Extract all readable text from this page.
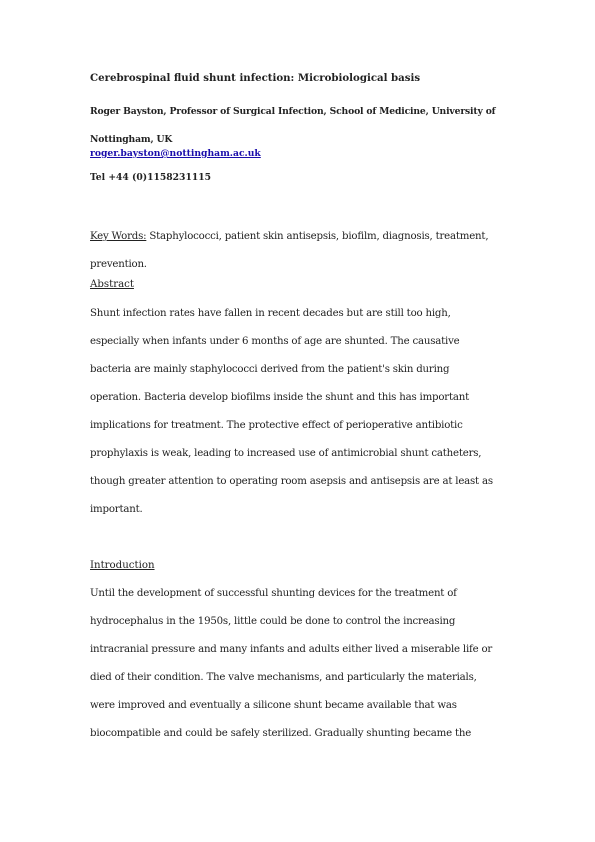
Cerebrospinal fluid shunt infection: Microbiological basis
Roger Bayston, Professor of Surgical Infection, School of Medicine, University of
Nottingham, UK
roger.bayston@nottingham.ac.uk
Tel +44 (0)1158231115
Key Words: Staphylococci, patient skin antisepsis, biofilm, diagnosis, treatment,
prevention.
Abstract
Shunt infection rates have fallen in recent decades but are still too high,
especially when infants under 6 months of age are shunted. The causative
bacteria are mainly staphylococci derived from the patient's skin during
operation. Bacteria develop biofilms inside the shunt and this has important
implications for treatment. The protective effect of perioperative antibiotic
prophylaxis is weak, leading to increased use of antimicrobial shunt catheters,
though greater attention to operating room asepsis and antisepsis are at least as
important.
Introduction
Until the development of successful shunting devices for the treatment of
hydrocephalus in the 1950s, little could be done to control the increasing
intracranial pressure and many infants and adults either lived a miserable life or
died of their condition. The valve mechanisms, and particularly the materials,
were improved and eventually a silicone shunt became available that was
biocompatible and could be safely sterilized. Gradually shunting became the
